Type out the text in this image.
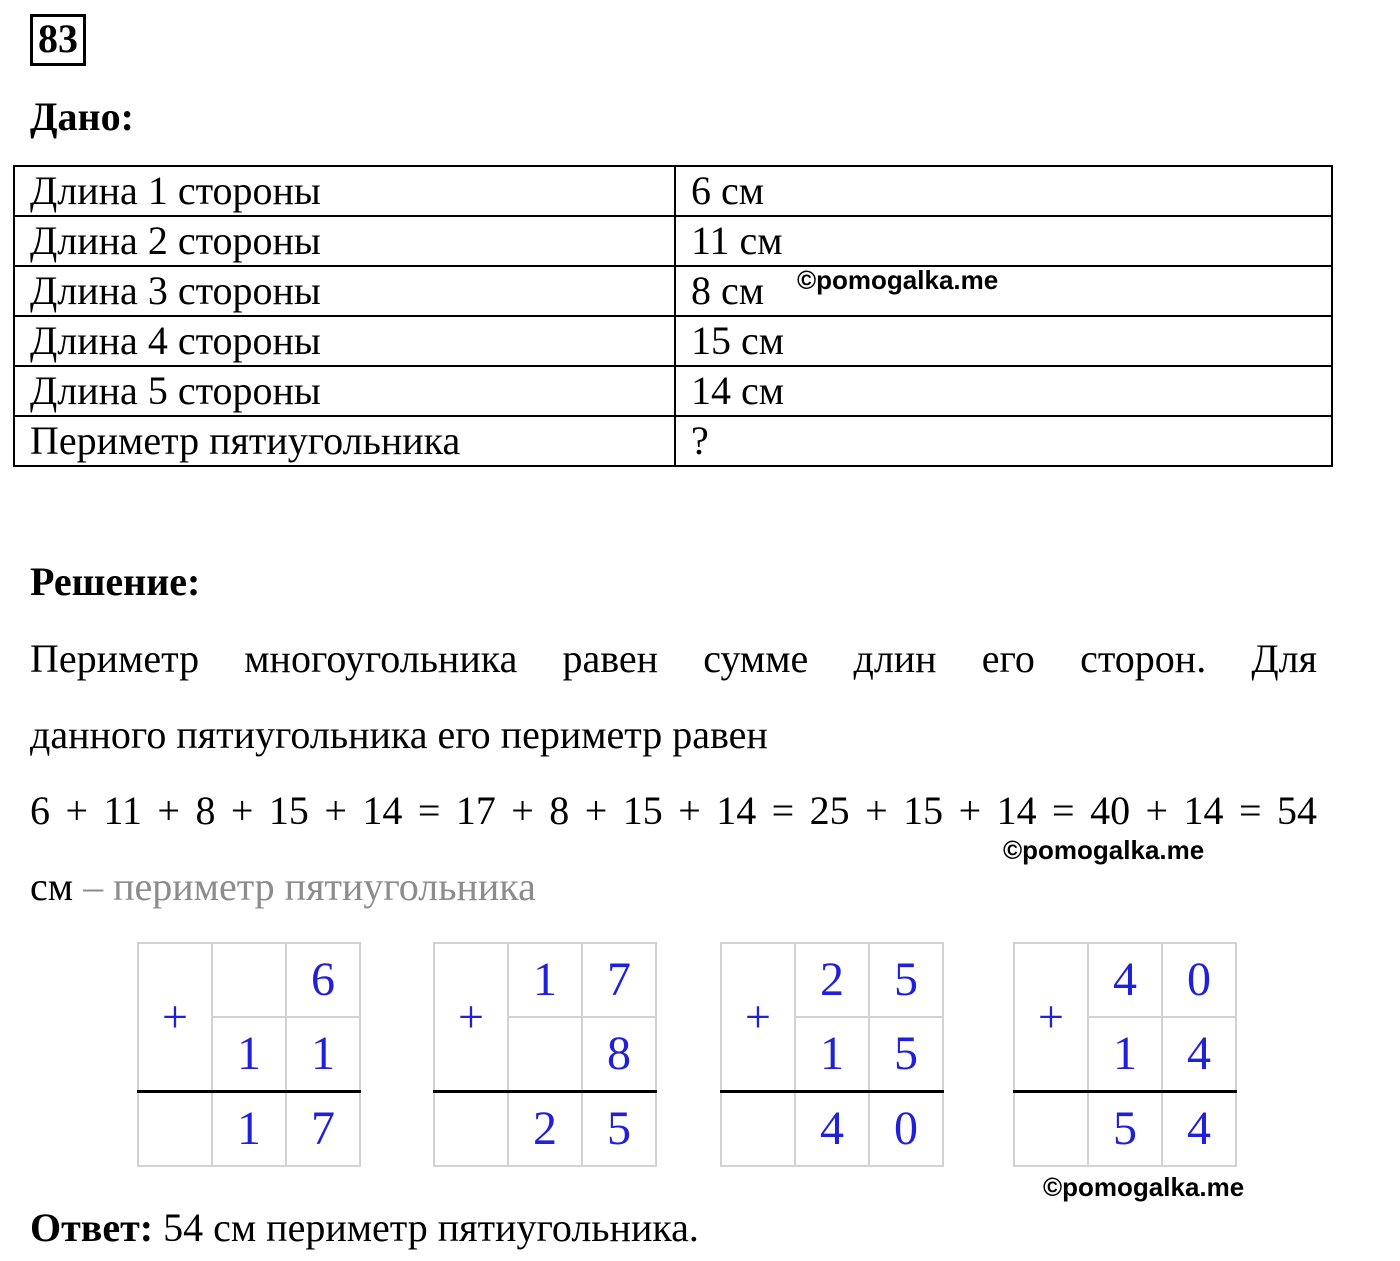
83
Дано:
Длина 1 стороны	6 см
Длина 2 стороны	11 см
Длина 3 стороны	8 см
Длина 4 стороны	15 см
Длина 5 стороны	14 см
Периметр пятиугольника	?
©pomogalka.me
Решение:
Периметр многоугольника равен сумме длин его сторон. Для
данного пятиугольника его периметр равен
6 + 11 + 8 + 15 + 14 = 17 + 8 + 15 + 14 = 25 + 15 + 14 = 40 + 14 = 54
©pomogalka.me
см – периметр пятиугольника
+		6
	1	1
	1	7
+	1	7
		8
	2	5
+	2	5
	1	5
	4	0
+	4	0
	1	4
	5	4
©pomogalka.me
Ответ: 54 см периметр пятиугольника.
